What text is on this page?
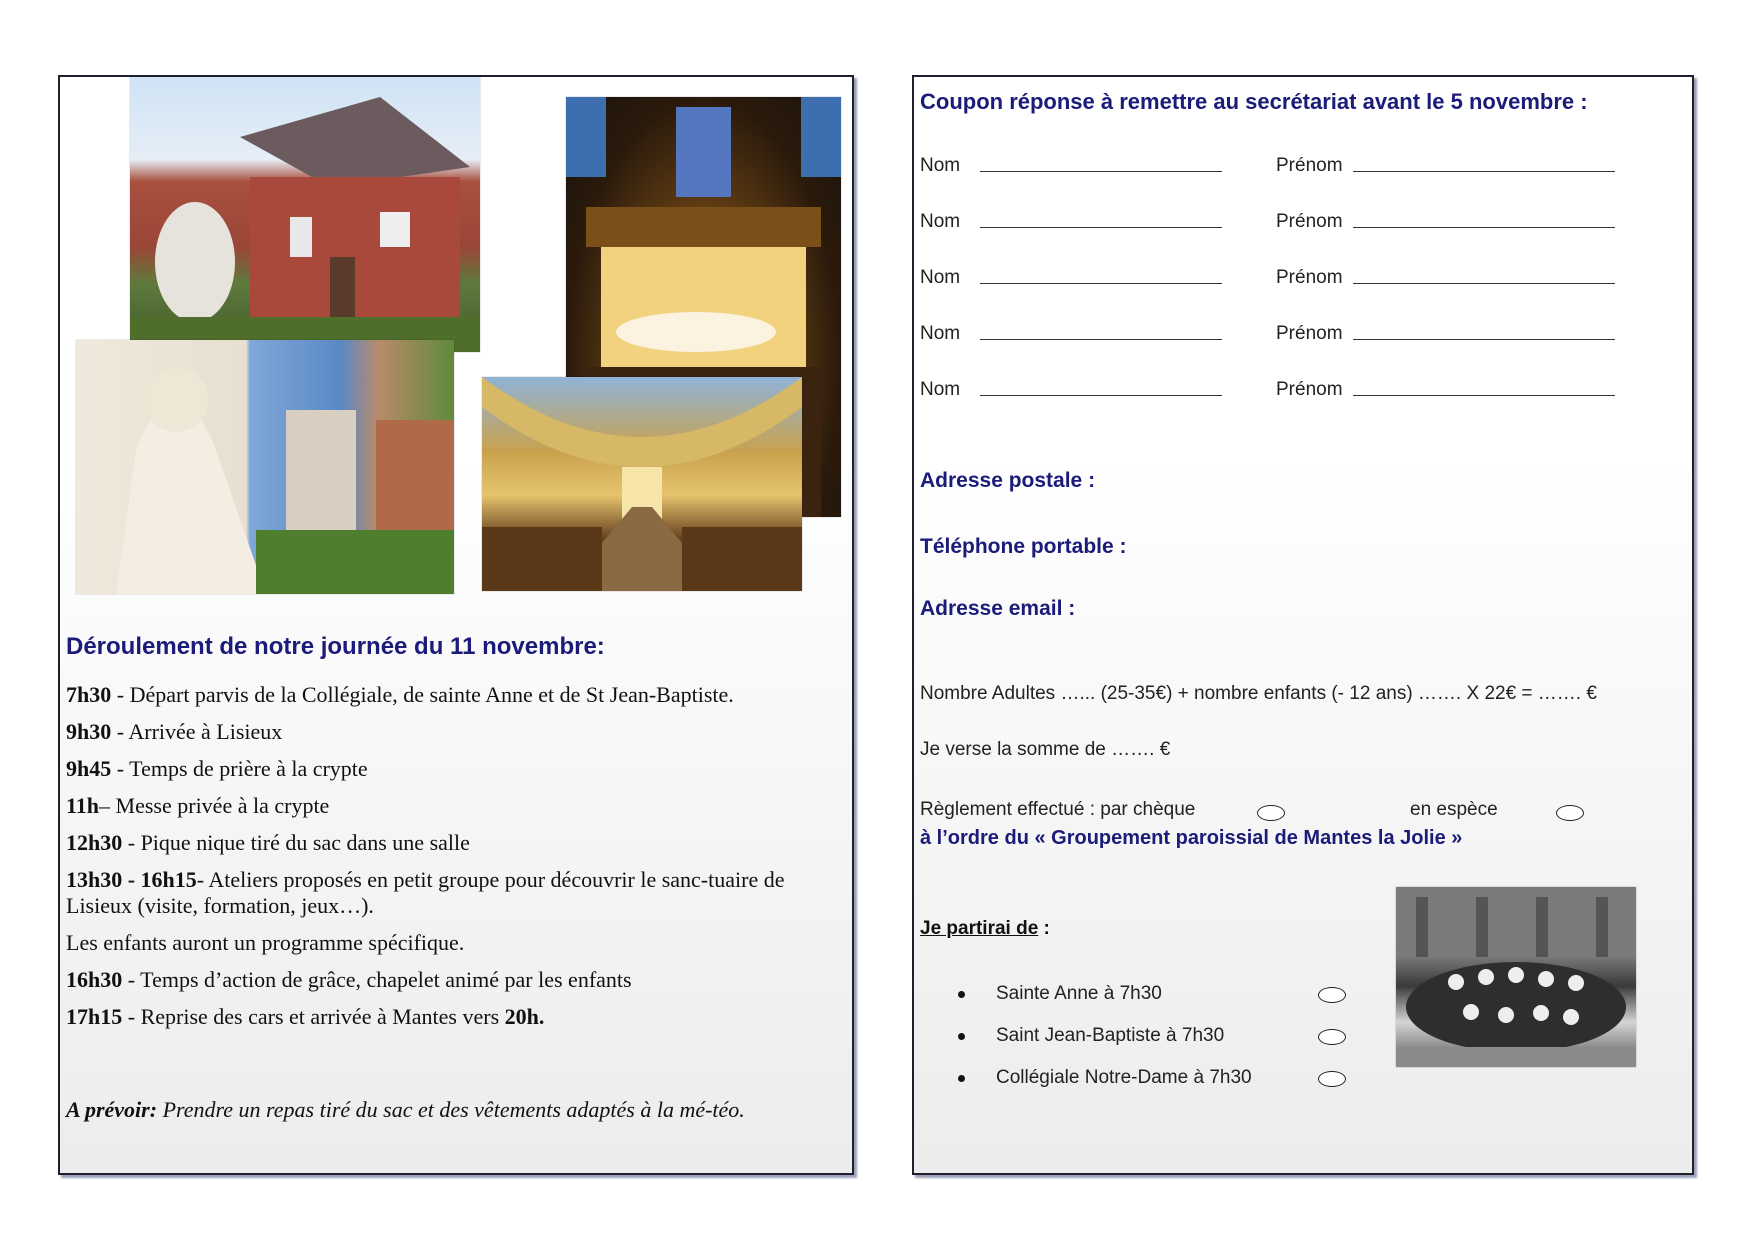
Déroulement de notre journée du 11 novembre:

7h30 - Départ parvis de la Collégiale, de sainte Anne et de St Jean-Baptiste.

9h30 - Arrivée à Lisieux

9h45 - Temps de prière à la crypte

11h– Messe privée à la crypte

12h30 - Pique nique tiré du sac dans une salle

13h30 - 16h15- Ateliers proposés en petit groupe pour découvrir le sanc-tuaire de Lisieux (visite, formation, jeux…).

Les enfants auront un programme spécifique.

16h30 - Temps d’action de grâce, chapelet animé par les enfants

17h15 - Reprise des cars et arrivée à Mantes vers 20h.

A prévoir: Prendre un repas tiré du sac et des vêtements adaptés à la mé-téo.

Coupon réponse à remettre au secrétariat avant le 5 novembre :
Nom	Prénom
Nom	Prénom
Nom	Prénom
Nom	Prénom
Nom	Prénom

Adresse postale :

Téléphone portable :

Adresse email :

Nombre Adultes …... (25-35€) + nombre enfants (- 12 ans) ……. X 22€ = ……. €
Je verse la somme de ……. €
Règlement effectué : par chèque	en espèce

à l’ordre du « Groupement paroissial de Mantes la Jolie »

Je partirai de :
Sainte Anne à 7h30
Saint Jean-Baptiste à 7h30
Collégiale Notre-Dame à 7h30
